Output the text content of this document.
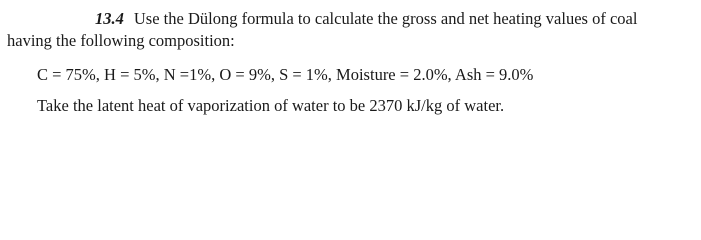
13.4 Use the Dülong formula to calculate the gross and net heating values of coal
having the following composition:
C = 75%, H = 5%, N =1%, O = 9%, S = 1%, Moisture = 2.0%, Ash = 9.0%
Take the latent heat of vaporization of water to be 2370 kJ/kg of water.
